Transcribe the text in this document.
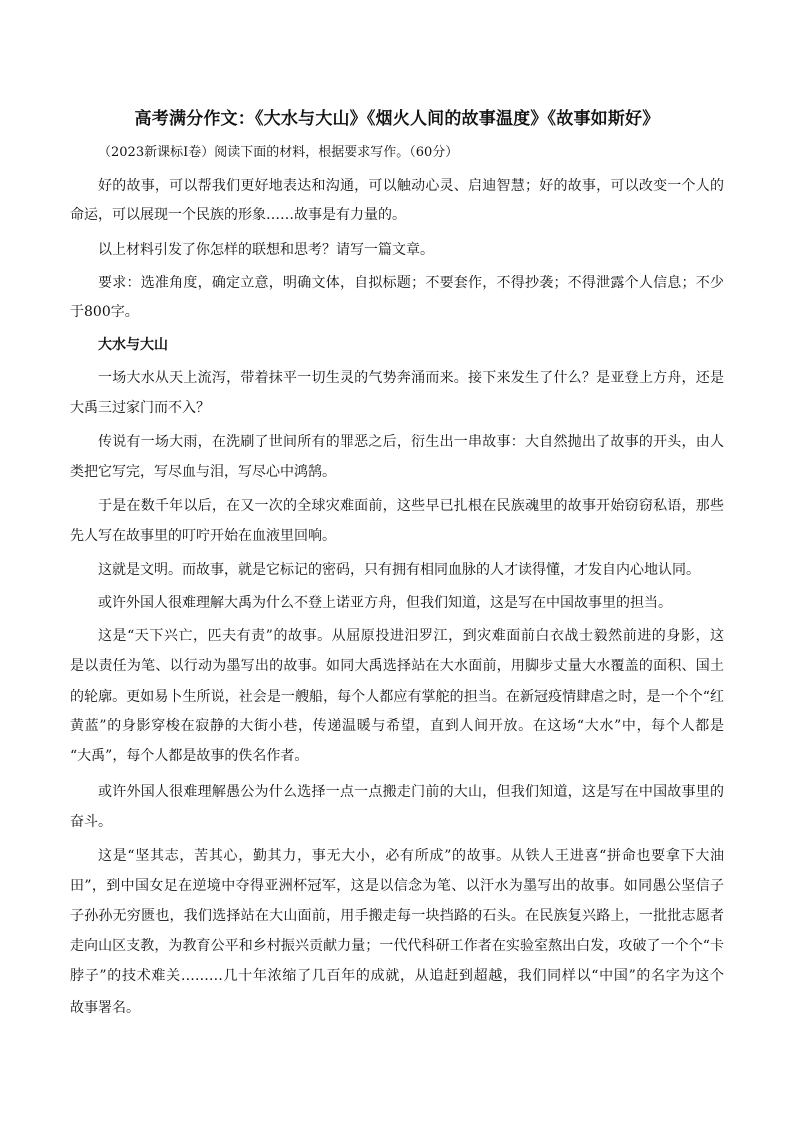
高考满分作文：《大水与大山》《烟火人间的故事温度》《故事如斯好》
（2023新课标Ⅰ卷）阅读下面的材料，根据要求写作。（60分）
好的故事，可以帮我们更好地表达和沟通，可以触动心灵、启迪智慧；好的故事，可以改变一个人的
命运，可以展现一个民族的形象……故事是有力量的。
以上材料引发了你怎样的联想和思考？请写一篇文章。
要求：选准角度，确定立意，明确文体，自拟标题；不要套作，不得抄袭；不得泄露个人信息；不少
于800字。
大水与大山
一场大水从天上流泻，带着抹平一切生灵的气势奔涌而来。接下来发生了什么？是亚登上方舟，还是
大禹三过家门而不入？
传说有一场大雨，在洗刷了世间所有的罪恶之后，衍生出一串故事：大自然抛出了故事的开头，由人
类把它写完，写尽血与泪，写尽心中鸿鹄。
于是在数千年以后，在又一次的全球灾难面前，这些早已扎根在民族魂里的故事开始窃窃私语，那些
先人写在故事里的叮咛开始在血液里回响。
这就是文明。而故事，就是它标记的密码，只有拥有相同血脉的人才读得懂，才发自内心地认同。
或许外国人很难理解大禹为什么不登上诺亚方舟，但我们知道，这是写在中国故事里的担当。
这是“天下兴亡，匹夫有责”的故事。从屈原投进汨罗江，到灾难面前白衣战士毅然前进的身影，这
是以责任为笔、以行动为墨写出的故事。如同大禹选择站在大水面前，用脚步丈量大水覆盖的面积、国土
的轮廓。更如易卜生所说，社会是一艘船，每个人都应有掌舵的担当。在新冠疫情肆虐之时，是一个个“红
黄蓝”的身影穿梭在寂静的大街小巷，传递温暖与希望，直到人间开放。在这场“大水”中，每个人都是
“大禹”，每个人都是故事的佚名作者。
或许外国人很难理解愚公为什么选择一点一点搬走门前的大山，但我们知道，这是写在中国故事里的
奋斗。
这是“坚其志，苦其心，勤其力，事无大小，必有所成”的故事。从铁人王进喜“拼命也要拿下大油
田”，到中国女足在逆境中夺得亚洲杯冠军，这是以信念为笔、以汗水为墨写出的故事。如同愚公坚信子
子孙孙无穷匮也，我们选择站在大山面前，用手搬走每一块挡路的石头。在民族复兴路上，一批批志愿者
走向山区支教，为教育公平和乡村振兴贡献力量；一代代科研工作者在实验室熬出白发，攻破了一个个“卡
脖子”的技术难关………几十年浓缩了几百年的成就，从追赶到超越，我们同样以“中国”的名字为这个
故事署名。
